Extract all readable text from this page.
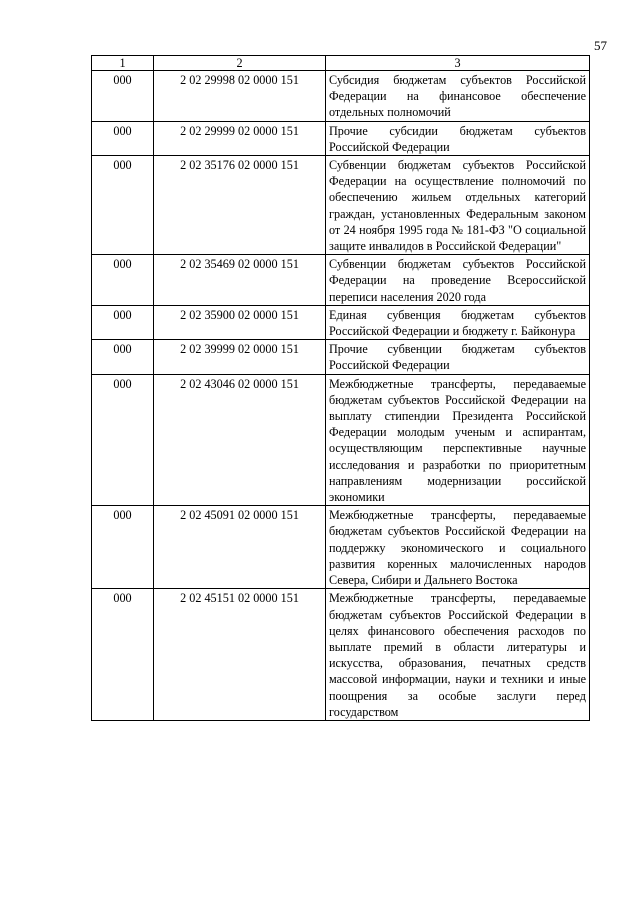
57
1	2	3
000	2 02 29998 02 0000 151	Субсидия бюджетам субъектов Российской Федерации на финансовое обеспечение отдельных полномочий
000	2 02 29999 02 0000 151	Прочие субсидии бюджетам субъектов Российской Федерации
000	2 02 35176 02 0000 151	Субвенции бюджетам субъектов Российской Федерации на осуществление полномочий по обеспечению жильем отдельных категорий граждан, установленных Федеральным законом от 24 ноября 1995 года № 181-ФЗ "О социальной защите инвалидов в Российской Федерации"
000	2 02 35469 02 0000 151	Субвенции бюджетам субъектов Российской Федерации на проведение Всероссийской переписи населения 2020 года
000	2 02 35900 02 0000 151	Единая субвенция бюджетам субъектов Российской Федерации и бюджету г. Байконура
000	2 02 39999 02 0000 151	Прочие субвенции бюджетам субъектов Российской Федерации
000	2 02 43046 02 0000 151	Межбюджетные трансферты, передаваемые бюджетам субъектов Российской Федерации на выплату стипендии Президента Российской Федерации молодым ученым и аспирантам, осуществляющим перспективные научные исследования и разработки по приоритетным направлениям модернизации российской экономики
000	2 02 45091 02 0000 151	Межбюджетные трансферты, передаваемые бюджетам субъектов Российской Федерации на поддержку экономического и социального развития коренных малочисленных народов Севера, Сибири и Дальнего Востока
000	2 02 45151 02 0000 151	Межбюджетные трансферты, передаваемые бюджетам субъектов Российской Федерации в целях финансового обеспечения расходов по выплате премий в области литературы и искусства, образования, печатных средств массовой информации, науки и техники и иные поощрения за особые заслуги перед государством
